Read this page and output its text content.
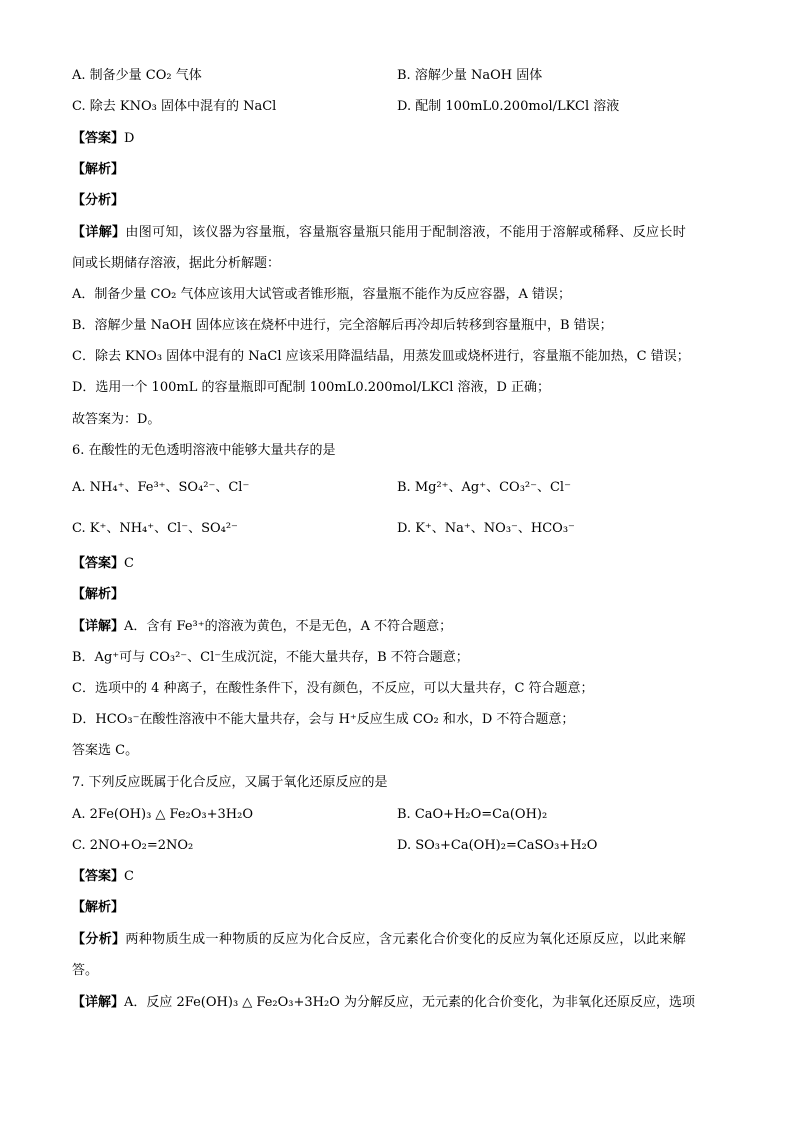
A. 制备少量 CO₂ 气体	B. 溶解少量 NaOH 固体
C. 除去 KNO₃ 固体中混有的 NaCl	D. 配制 100mL0.200mol/LKCl 溶液
【答案】D
【解析】
【分析】
【详解】由图可知，该仪器为容量瓶，容量瓶容量瓶只能用于配制溶液，不能用于溶解或稀释、反应长时
间或长期储存溶液，据此分析解题：
A．制备少量 CO₂ 气体应该用大试管或者锥形瓶，容量瓶不能作为反应容器，A 错误；
B．溶解少量 NaOH 固体应该在烧杯中进行，完全溶解后再冷却后转移到容量瓶中，B 错误；
C．除去 KNO₃ 固体中混有的 NaCl 应该采用降温结晶，用蒸发皿或烧杯进行，容量瓶不能加热，C 错误；
D．选用一个 100mL 的容量瓶即可配制 100mL0.200mol/LKCl 溶液，D 正确；
故答案为：D。
6. 在酸性的无色透明溶液中能够大量共存的是
A. NH₄⁺、Fe³⁺、SO₄²⁻、Cl⁻	B. Mg²⁺、Ag⁺、CO₃²⁻、Cl⁻
C. K⁺、NH₄⁺、Cl⁻、SO₄²⁻	D. K⁺、Na⁺、NO₃⁻、HCO₃⁻
【答案】C
【解析】
【详解】A．含有 Fe³⁺的溶液为黄色，不是无色，A 不符合题意；
B．Ag⁺可与 CO₃²⁻、Cl⁻生成沉淀，不能大量共存，B 不符合题意；
C．选项中的 4 种离子，在酸性条件下，没有颜色，不反应，可以大量共存，C 符合题意；
D．HCO₃⁻在酸性溶液中不能大量共存，会与 H⁺反应生成 CO₂ 和水，D 不符合题意；
答案选 C。
7. 下列反应既属于化合反应，又属于氧化还原反应的是
A. 2Fe(OH)₃ △ Fe₂O₃+3H₂O	B. CaO+H₂O=Ca(OH)₂
C. 2NO+O₂=2NO₂	D. SO₃+Ca(OH)₂=CaSO₃+H₂O
【答案】C
【解析】
【分析】两种物质生成一种物质的反应为化合反应，含元素化合价变化的反应为氧化还原反应，以此来解
答。
【详解】A．反应 2Fe(OH)₃ △ Fe₂O₃+3H₂O 为分解反应，无元素的化合价变化，为非氧化还原反应，选项
